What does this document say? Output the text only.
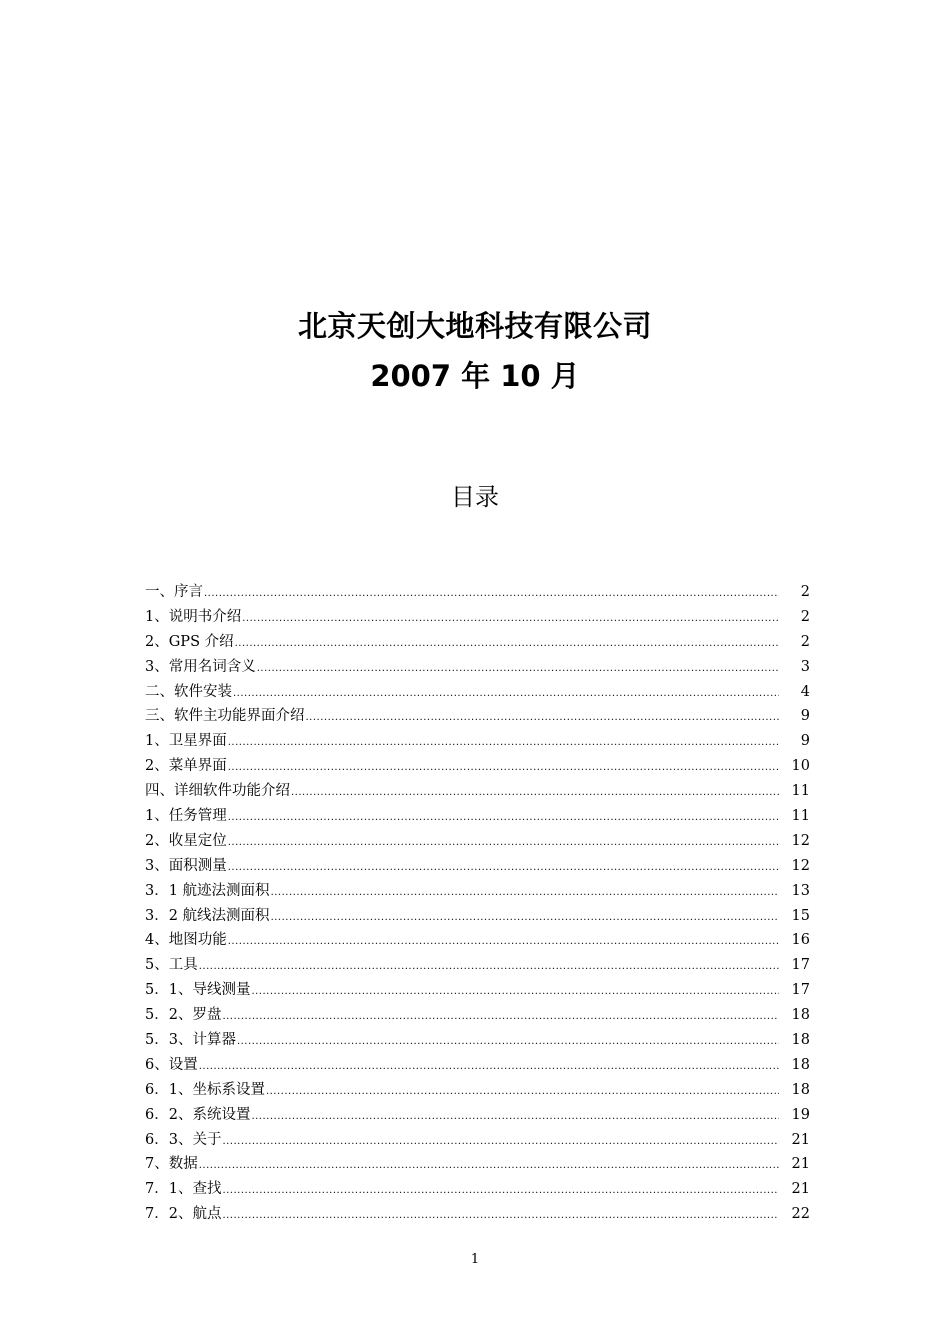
北京天创大地科技有限公司
2007 年 10 月
目录
一、序言 .....	2
1、说明书介绍 .....	2
2、GPS 介绍 .....	2
3、常用名词含义 .....	3
二、软件安装 .....	4
三、软件主功能界面介绍 .....	9
1、卫星界面 .....	9
2、菜单界面 .....	10
四、详细软件功能介绍 .....	11
1、任务管理 .....	11
2、收星定位 .....	12
3、面积测量 .....	12
3．1 航迹法测面积 .....	13
3．2 航线法测面积 .....	15
4、地图功能 .....	16
5、工具 .....	17
5．1、导线测量 .....	17
5．2、罗盘 .....	18
5．3、计算器 .....	18
6、设置 .....	18
6．1、坐标系设置 .....	18
6．2、系统设置 .....	19
6．3、关于 .....	21
7、数据 .....	21
7．1、查找 .....	21
7．2、航点 .....	22
1
